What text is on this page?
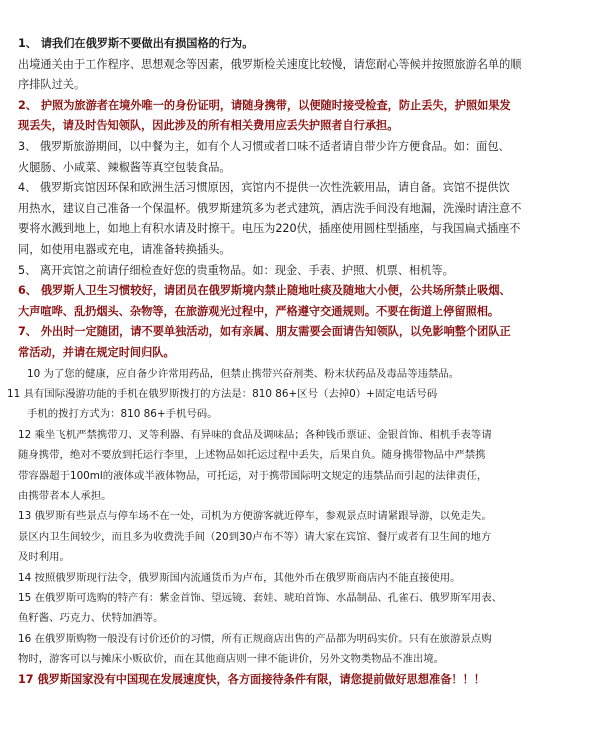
1、 请我们在俄罗斯不要做出有损国格的行为。
出境通关由于工作程序、思想观念等因素，俄罗斯检关速度比较慢，请您耐心等候并按照旅游名单的顺
序排队过关。
2、 护照为旅游者在境外唯一的身份证明，请随身携带，以便随时接受检查，防止丢失，护照如果发
现丢失，请及时告知领队，因此涉及的所有相关费用应丢失护照者自行承担。
3、 俄罗斯旅游期间，以中餐为主，如有个人习惯或者口味不适者请自带少许方便食品。如：面包、
火腿肠、小咸菜、辣椒酱等真空包装食品。
4、 俄罗斯宾馆因环保和欧洲生活习惯原因，宾馆内不提供一次性洗簌用品，请自备。宾馆不提供饮
用热水，建议自己准备一个保温杯。俄罗斯建筑多为老式建筑，酒店洗手间没有地漏，洗澡时请注意不
要将水溅到地上，如地上有积水请及时擦干。电压为220伏，插座使用圆柱型插座，与我国扁式插座不
同，如使用电器或充电，请准备转换插头。
5、 离开宾馆之前请仔细检查好您的贵重物品。如：现金、手表、护照、机票、相机等。
6、 俄罗斯人卫生习惯较好，请团员在俄罗斯境内禁止随地吐痰及随地大小便，公共场所禁止吸烟、
大声喧哗、乱扔烟头、杂物等，在旅游观光过程中，严格遵守交通规则。不要在街道上停留照相。
7、 外出时一定随团，请不要单独活动，如有亲属、朋友需要会面请告知领队，以免影响整个团队正
常活动，并请在规定时间归队。
10 为了您的健康，应自备少许常用药品，但禁止携带兴奋剂类、粉末状药品及毒品等违禁品。
11 具有国际漫游功能的手机在俄罗斯拨打的方法是：810 86+区号（去掉0）+固定电话号码
手机的拨打方式为：810 86+手机号码。
12 乘坐飞机严禁携带刀、叉等利器、有异味的食品及调味品；各种钱币票证、金银首饰、相机手表等请
随身携带，绝对不要放到托运行李里，上述物品如托运过程中丢失，后果自负。随身携带物品中严禁携
带容器超于100ml的液体或半液体物品，可托运，对于携带国际明文规定的违禁品而引起的法律责任，
由携带者本人承担。
13 俄罗斯有些景点与停车场不在一处，司机为方便游客就近停车，参观景点时请紧跟导游，以免走失。
景区内卫生间较少，而且多为收费洗手间（20到30卢布不等）请大家在宾馆、餐厅或者有卫生间的地方
及时利用。
14 按照俄罗斯现行法令，俄罗斯国内流通货币为卢布，其他外币在俄罗斯商店内不能直接使用。
15 在俄罗斯可选购的特产有：紫金首饰、望远镜、套娃、琥珀首饰、水晶制品、孔雀石、俄罗斯军用表、
鱼籽酱、巧克力、伏特加酒等。
16 在俄罗斯购物一般没有讨价还价的习惯，所有正规商店出售的产品都为明码实价。只有在旅游景点购
物时，游客可以与摊床小贩砍价，而在其他商店则一律不能讲价，另外文物类物品不准出境。
17 俄罗斯国家没有中国现在发展速度快，各方面接待条件有限，请您提前做好思想准备！！！
